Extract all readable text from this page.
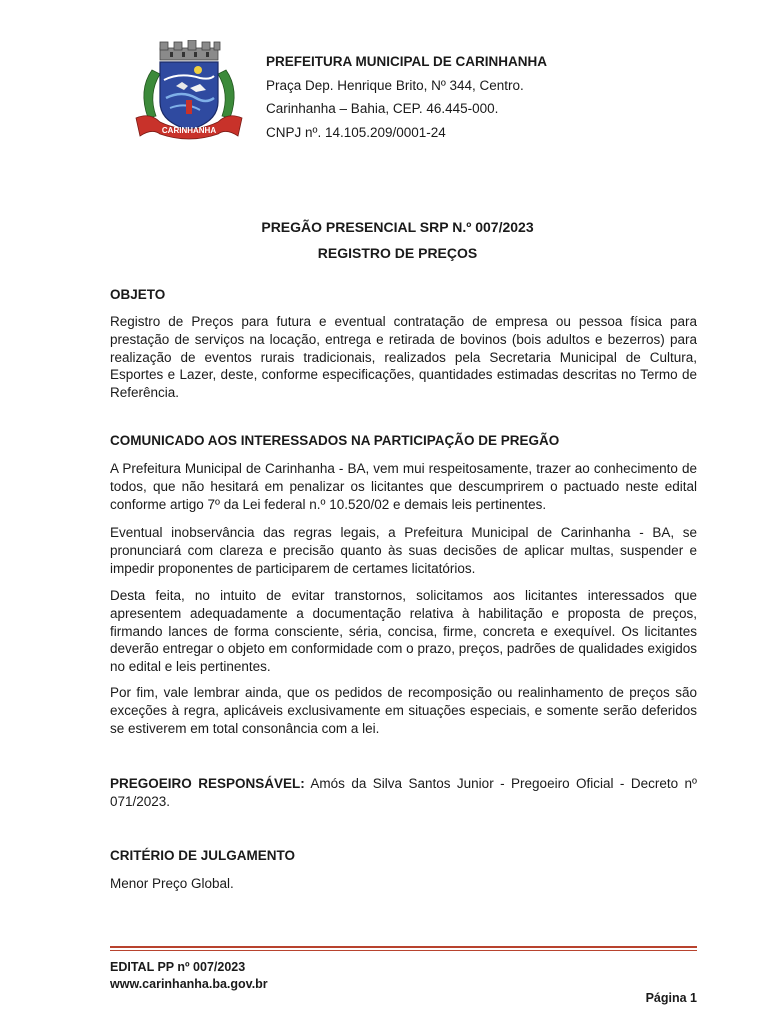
CARINHANHA
PREFEITURA MUNICIPAL DE CARINHANHA
Praça Dep. Henrique Brito, Nº 344, Centro.
Carinhanha – Bahia, CEP. 46.445-000.
CNPJ nº. 14.105.209/0001-24
PREGÃO PRESENCIAL SRP N.º 007/2023
REGISTRO DE PREÇOS
OBJETO

Registro de Preços para futura e eventual contratação de empresa ou pessoa física para prestação de serviços na locação, entrega e retirada de bovinos (bois adultos e bezerros) para realização de eventos rurais tradicionais, realizados pela Secretaria Municipal de Cultura, Esportes e Lazer, deste, conforme especificações, quantidades estimadas descritas no Termo de Referência.

COMUNICADO AOS INTERESSADOS NA PARTICIPAÇÃO DE PREGÃO

A Prefeitura Municipal de Carinhanha - BA, vem mui respeitosamente, trazer ao conhecimento de todos, que não hesitará em penalizar os licitantes que descumprirem o pactuado neste edital conforme artigo 7º da Lei federal n.º 10.520/02 e demais leis pertinentes.

Eventual inobservância das regras legais, a Prefeitura Municipal de Carinhanha - BA, se pronunciará com clareza e precisão quanto às suas decisões de aplicar multas, suspender e impedir proponentes de participarem de certames licitatórios.

Desta feita, no intuito de evitar transtornos, solicitamos aos licitantes interessados que apresentem adequadamente a documentação relativa à habilitação e proposta de preços, firmando lances de forma consciente, séria, concisa, firme, concreta e exequível. Os licitantes deverão entregar o objeto em conformidade com o prazo, preços, padrões de qualidades exigidos no edital e leis pertinentes.

Por fim, vale lembrar ainda, que os pedidos de recomposição ou realinhamento de preços são exceções à regra, aplicáveis exclusivamente em situações especiais, e somente serão deferidos se estiverem em total consonância com a lei.

PREGOEIRO RESPONSÁVEL: Amós da Silva Santos Junior - Pregoeiro Oficial - Decreto nº 071/2023.

CRITÉRIO DE JULGAMENTO

Menor Preço Global.

EDITAL PP nº 007/2023
www.carinhanha.ba.gov.br
Página 1
